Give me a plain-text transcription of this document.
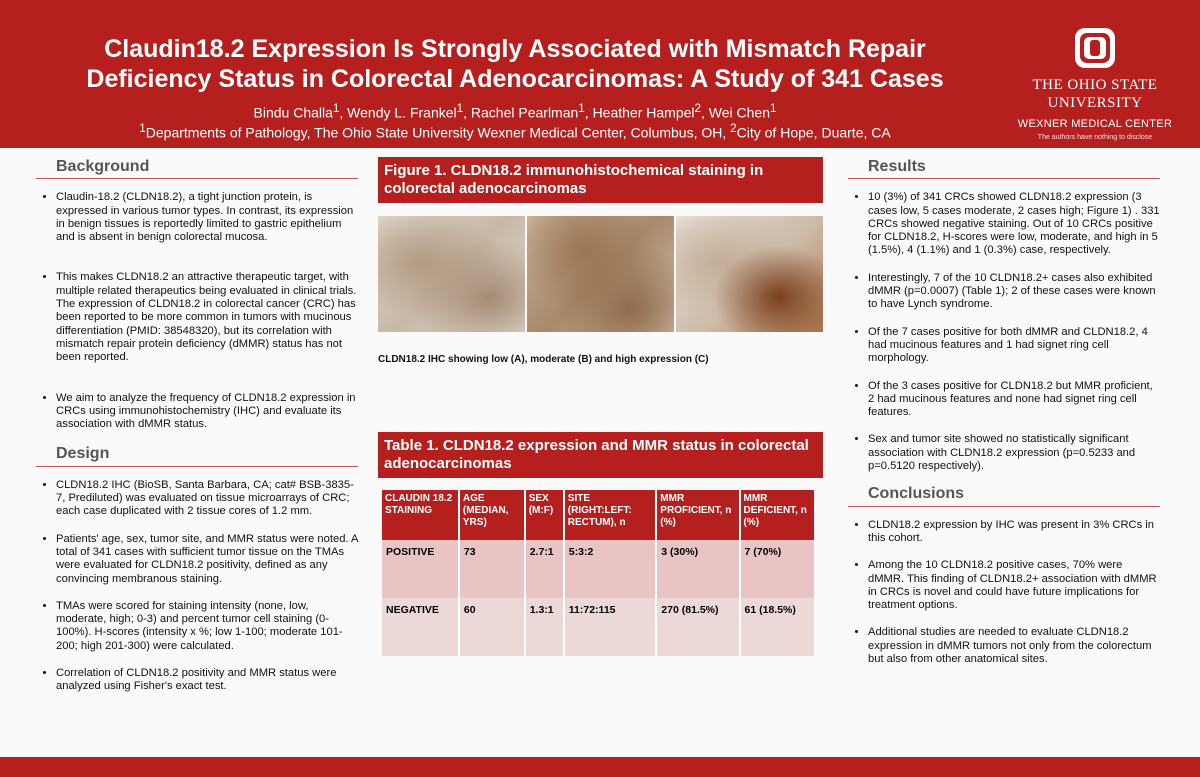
Claudin18.2 Expression Is Strongly Associated with Mismatch Repair
Deficiency Status in Colorectal Adenocarcinomas: A Study of 341 Cases
Bindu Challa$^1$, Wendy L. Frankel$^1$, Rachel Pearlman$^1$, Heather Hampel$^2$, Wei Chen$^1$
$^1$Departments of Pathology, The Ohio State University Wexner Medical Center, Columbus, OH, $^2$City of Hope, Duarte, CA
THE OHIO STATE
UNIVERSITY
WEXNER MEDICAL CENTER
The authors have nothing to disclose
Background
• Claudin-18.2 (CLDN18.2), a tight junction protein, is expressed in various tumor types. In contrast, its expression in benign tissues is reportedly limited to gastric epithelium and is absent in benign colorectal mucosa.
• This makes CLDN18.2 an attractive therapeutic target, with multiple related therapeutics being evaluated in clinical trials. The expression of CLDN18.2 in colorectal cancer (CRC) has been reported to be more common in tumors with mucinous differentiation (PMID: 38548320), but its correlation with mismatch repair protein deficiency (dMMR) status has not been reported.
• We aim to analyze the frequency of CLDN18.2 expression in CRCs using immunohistochemistry (IHC) and evaluate its association with dMMR status.
Design
• CLDN18.2 IHC (BioSB, Santa Barbara, CA; cat# BSB-3835-7, Prediluted) was evaluated on tissue microarrays of CRC; each case duplicated with 2 tissue cores of 1.2 mm.
• Patients' age, sex, tumor site, and MMR status were noted. A total of 341 cases with sufficient tumor tissue on the TMAs were evaluated for CLDN18.2 positivity, defined as any convincing membranous staining.
• TMAs were scored for staining intensity (none, low, moderate, high; 0-3) and percent tumor cell staining (0-100%). H-scores (intensity x %; low 1-100; moderate 101-200; high 201-300) were calculated.
• Correlation of CLDN18.2 positivity and MMR status were analyzed using Fisher's exact test.
Figure 1. CLDN18.2 immunohistochemical staining in colorectal adenocarcinomas
CLDN18.2 IHC showing low (A), moderate (B) and high expression (C)
Table 1. CLDN18.2 expression and MMR status in colorectal adenocarcinomas
CLAUDIN 18.2 STAINING	AGE (MEDIAN, YRS)	SEX (M:F)	SITE (RIGHT:LEFT: RECTUM), n	MMR PROFICIENT, n (%)	MMR DEFICIENT, n (%)
POSITIVE	73	2.7:1	5:3:2	3 (30%)	7 (70%)
NEGATIVE	60	1.3:1	11:72:115	270 (81.5%)	61 (18.5%)
Results
• 10 (3%) of 341 CRCs showed CLDN18.2 expression (3 cases low, 5 cases moderate, 2 cases high; Figure 1) . 331 CRCs showed negative staining. Out of 10 CRCs positive for CLDN18.2, H-scores were low, moderate, and high in 5 (1.5%), 4 (1.1%) and 1 (0.3%) case, respectively.
• Interestingly, 7 of the 10 CLDN18.2+ cases also exhibited dMMR (p=0.0007) (Table 1); 2 of these cases were known to have Lynch syndrome.
• Of the 7 cases positive for both dMMR and CLDN18.2, 4 had mucinous features and 1 had signet ring cell morphology.
• Of the 3 cases positive for CLDN18.2 but MMR proficient, 2 had mucinous features and none had signet ring cell features.
• Sex and tumor site showed no statistically significant association with CLDN18.2 expression (p=0.5233 and p=0.5120 respectively).
Conclusions
• CLDN18.2 expression by IHC was present in 3% CRCs in this cohort.
• Among the 10 CLDN18.2 positive cases, 70% were dMMR. This finding of CLDN18.2+ association with dMMR in CRCs is novel and could have future implications for treatment options.
• Additional studies are needed to evaluate CLDN18.2 expression in dMMR tumors not only from the colorectum but also from other anatomical sites.
